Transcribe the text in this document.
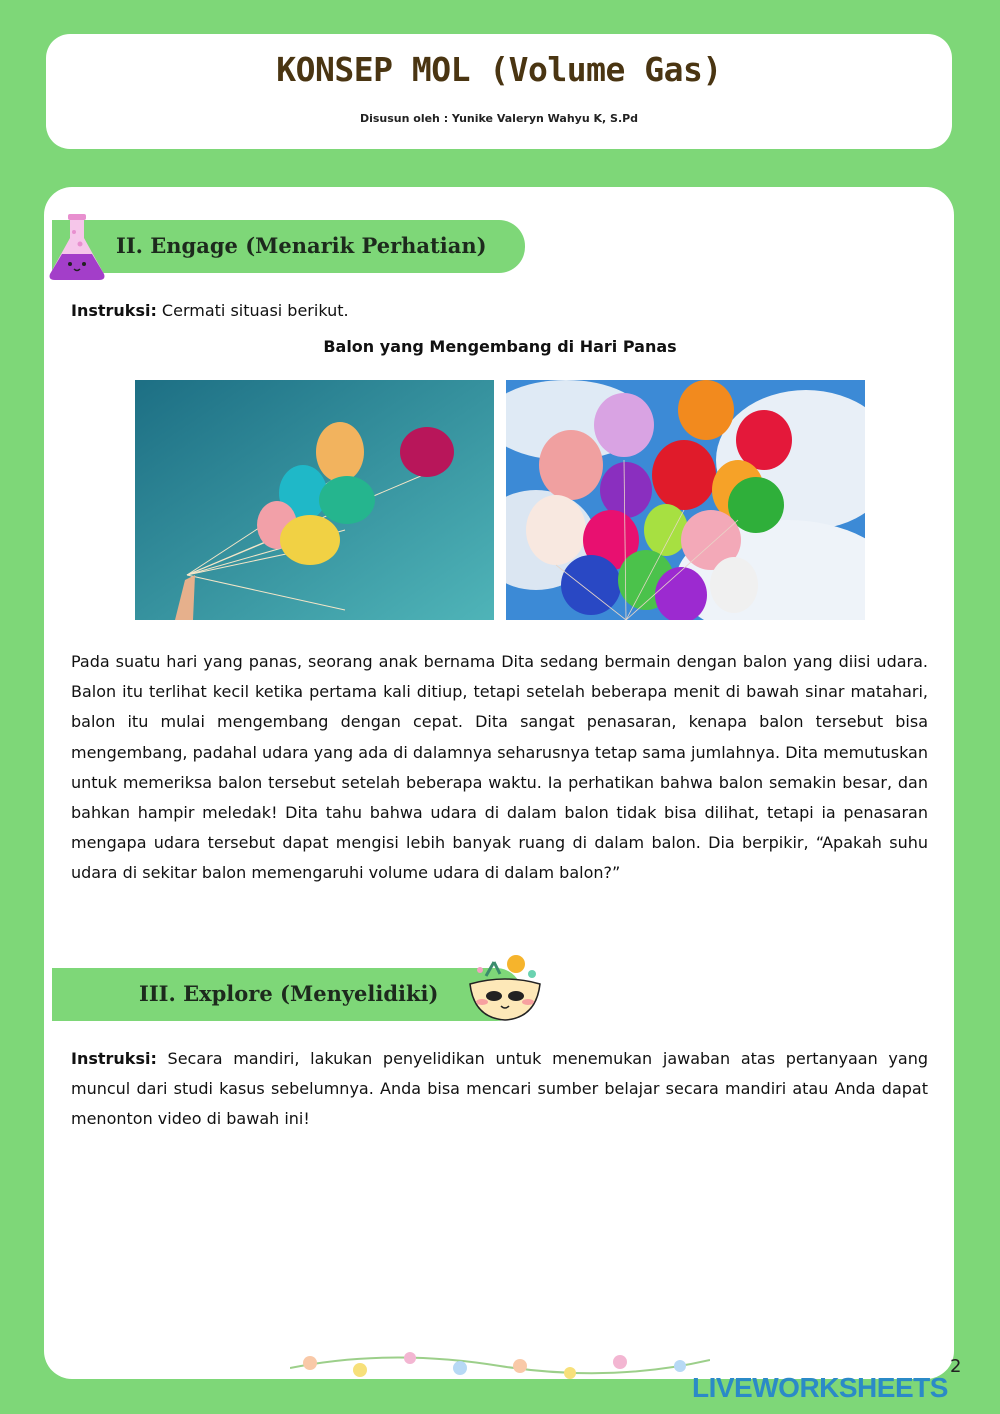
KONSEP MOL (Volume Gas)
Disusun oleh : Yunike Valeryn Wahyu K, S.Pd
II. Engage (Menarik Perhatian)
Instruksi: Cermati situasi berikut.
Balon yang Mengembang di Hari Panas
Pada suatu hari yang panas, seorang anak bernama Dita sedang bermain dengan balon yang diisi udara. Balon itu terlihat kecil ketika pertama kali ditiup, tetapi setelah beberapa menit di bawah sinar matahari, balon itu mulai mengembang dengan cepat. Dita sangat penasaran, kenapa balon tersebut bisa mengembang, padahal udara yang ada di dalamnya seharusnya tetap sama jumlahnya. Dita memutuskan untuk memeriksa balon tersebut setelah beberapa waktu. Ia perhatikan bahwa balon semakin besar, dan bahkan hampir meledak! Dita tahu bahwa udara di dalam balon tidak bisa dilihat, tetapi ia penasaran mengapa udara tersebut dapat mengisi lebih banyak ruang di dalam balon. Dia berpikir, “Apakah suhu udara di sekitar balon memengaruhi volume udara di dalam balon?”
III. Explore (Menyelidiki)
Instruksi: Secara mandiri, lakukan penyelidikan untuk menemukan jawaban atas pertanyaan yang muncul dari studi kasus sebelumnya. Anda bisa mencari sumber belajar secara mandiri atau Anda dapat menonton video di bawah ini!
2
LIVEWORKSHEETS
